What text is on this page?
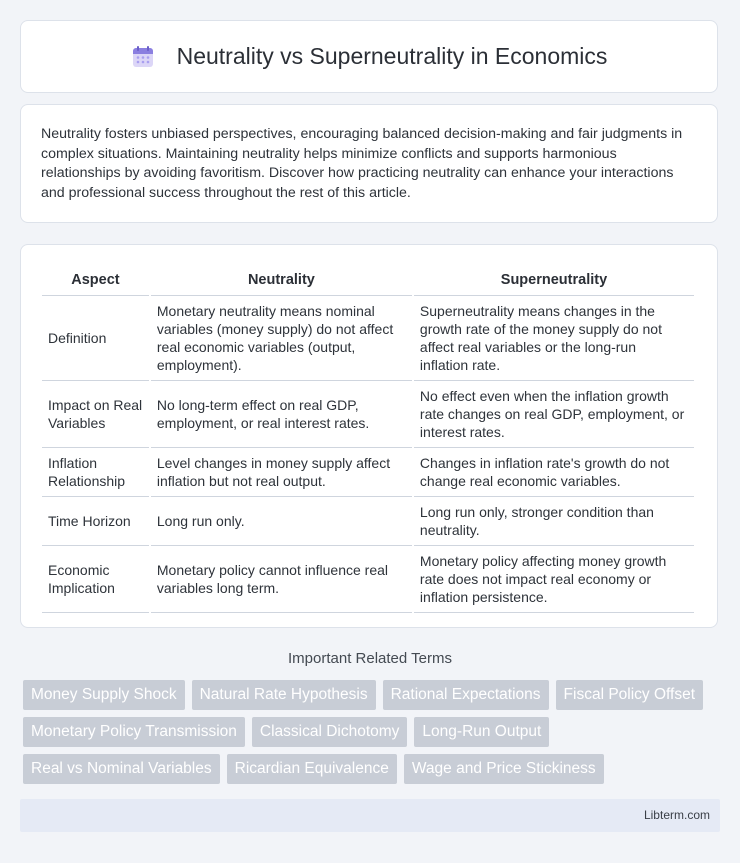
Neutrality vs Superneutrality in Economics

Neutrality fosters unbiased perspectives, encouraging balanced decision-making and fair judgments in complex situations. Maintaining neutrality helps minimize conflicts and supports harmonious relationships by avoiding favoritism. Discover how practicing neutrality can enhance your interactions and professional success throughout the rest of this article.

Aspect	Neutrality	Superneutrality
Definition	Monetary neutrality means nominal variables (money supply) do not affect real economic variables (output, employment).	Superneutrality means changes in the growth rate of the money supply do not affect real variables or the long-run inflation rate.
Impact on Real Variables	No long-term effect on real GDP, employment, or real interest rates.	No effect even when the inflation growth rate changes on real GDP, employment, or interest rates.
Inflation Relationship	Level changes in money supply affect inflation but not real output.	Changes in inflation rate's growth do not change real economic variables.
Time Horizon	Long run only.	Long run only, stronger condition than neutrality.
Economic Implication	Monetary policy cannot influence real variables long term.	Monetary policy affecting money growth rate does not impact real economy or inflation persistence.
Important Related Terms
Money Supply Shock	Natural Rate Hypothesis	Rational Expectations	Fiscal Policy Offset
Monetary Policy Transmission	Classical Dichotomy	Long-Run Output
Real vs Nominal Variables	Ricardian Equivalence	Wage and Price Stickiness
Libterm.com
